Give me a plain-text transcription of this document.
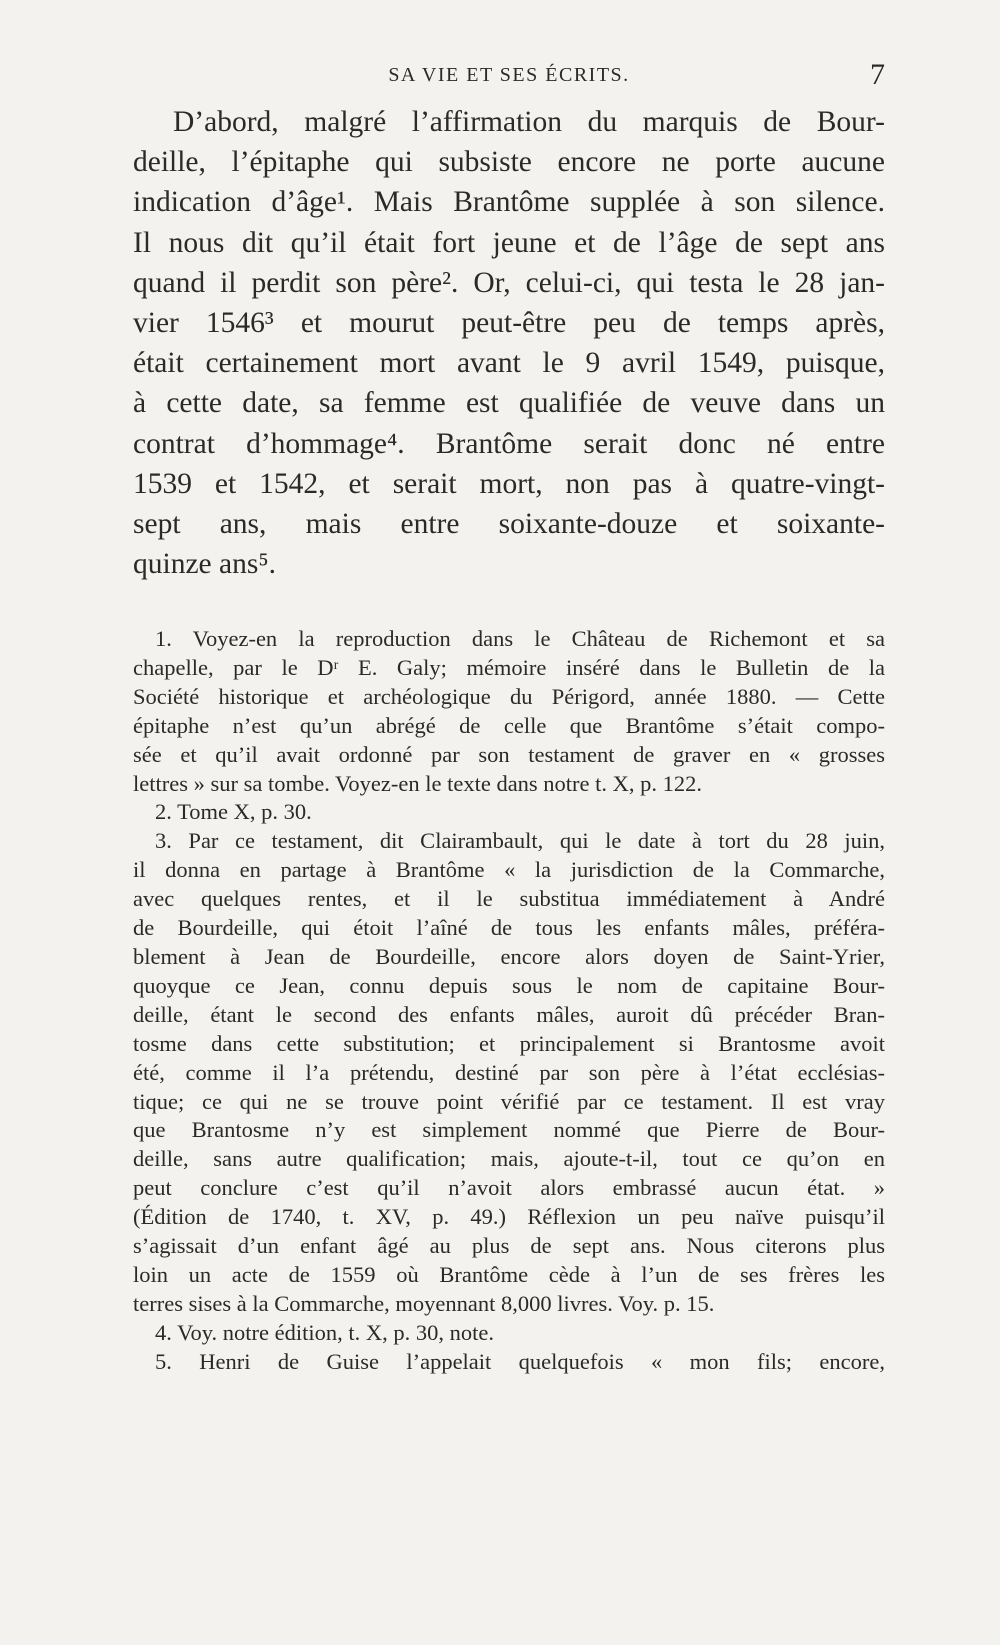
SA VIE ET SES ÉCRITS.	7
D’abord, malgré l’affirmation du marquis de Bour-
deille, l’épitaphe qui subsiste encore ne porte aucune
indication d’âge¹. Mais Brantôme supplée à son silence.
Il nous dit qu’il était fort jeune et de l’âge de sept ans
quand il perdit son père². Or, celui-ci, qui testa le 28 jan-
vier 1546³ et mourut peut-être peu de temps après,
était certainement mort avant le 9 avril 1549, puisque,
à cette date, sa femme est qualifiée de veuve dans un
contrat d’hommage⁴. Brantôme serait donc né entre
1539 et 1542, et serait mort, non pas à quatre-vingt-
sept ans, mais entre soixante-douze et soixante-
quinze ans⁵.
1. Voyez-en la reproduction dans le Château de Richemont et sa
chapelle, par le Dʳ E. Galy; mémoire inséré dans le Bulletin de la
Société historique et archéologique du Périgord, année 1880. — Cette
épitaphe n’est qu’un abrégé de celle que Brantôme s’était compo-
sée et qu’il avait ordonné par son testament de graver en « grosses
lettres » sur sa tombe. Voyez-en le texte dans notre t. X, p. 122.
2. Tome X, p. 30.
3. Par ce testament, dit Clairambault, qui le date à tort du 28 juin,
il donna en partage à Brantôme « la jurisdiction de la Commarche,
avec quelques rentes, et il le substitua immédiatement à André
de Bourdeille, qui étoit l’aîné de tous les enfants mâles, préféra-
blement à Jean de Bourdeille, encore alors doyen de Saint-Yrier,
quoyque ce Jean, connu depuis sous le nom de capitaine Bour-
deille, étant le second des enfants mâles, auroit dû précéder Bran-
tosme dans cette substitution; et principalement si Brantosme avoit
été, comme il l’a prétendu, destiné par son père à l’état ecclésias-
tique; ce qui ne se trouve point vérifié par ce testament. Il est vray
que Brantosme n’y est simplement nommé que Pierre de Bour-
deille, sans autre qualification; mais, ajoute-t-il, tout ce qu’on en
peut conclure c’est qu’il n’avoit alors embrassé aucun état. »
(Édition de 1740, t. XV, p. 49.) Réflexion un peu naïve puisqu’il
s’agissait d’un enfant âgé au plus de sept ans. Nous citerons plus
loin un acte de 1559 où Brantôme cède à l’un de ses frères les
terres sises à la Commarche, moyennant 8,000 livres. Voy. p. 15.
4. Voy. notre édition, t. X, p. 30, note.
5. Henri de Guise l’appelait quelquefois « mon fils; encore,
